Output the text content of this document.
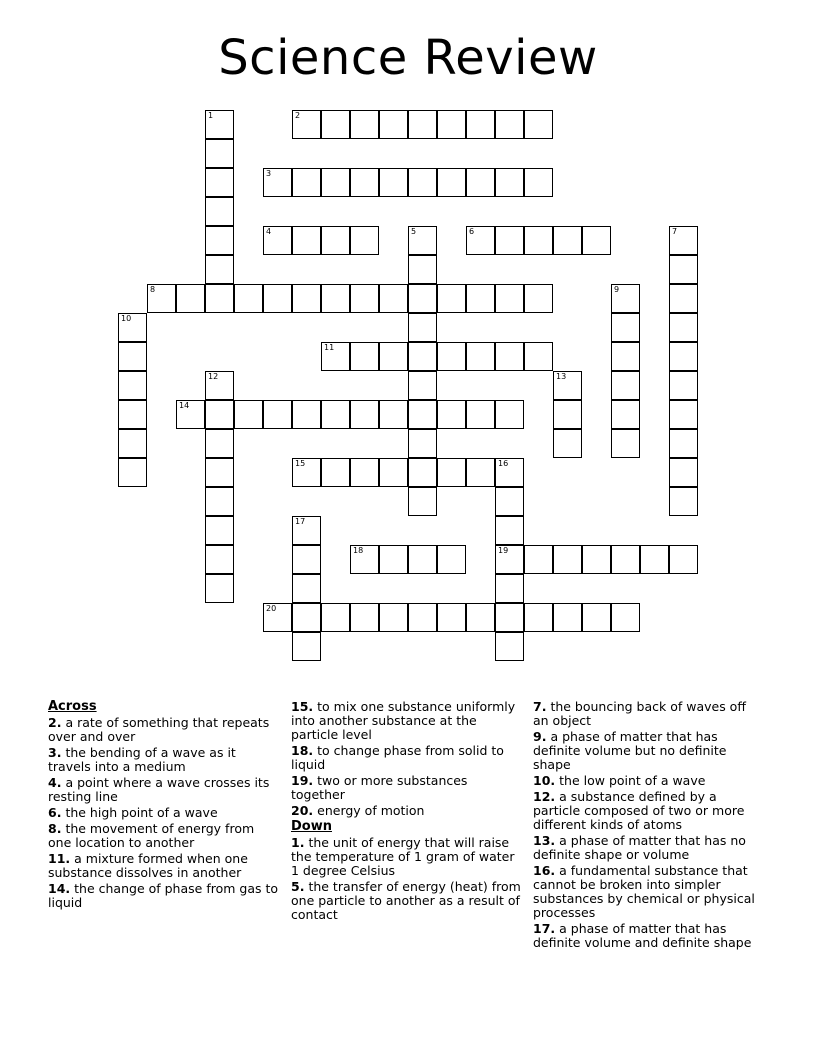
Science Review
1	2
3
4	5	6	7
8	9
10
11
12	13
14
15	16
19
17
18
20
Across
2. a rate of something that repeats over and over
3. the bending of a wave as it travels into a medium
4. a point where a wave crosses its resting line
6. the high point of a wave
8. the movement of energy from one location to another
11. a mixture formed when one substance dissolves in another
14. the change of phase from gas to liquid
15. to mix one substance uniformly into another substance at the particle level
18. to change phase from solid to liquid
19. two or more substances together
20. energy of motion
Down
1. the unit of energy that will raise the temperature of 1 gram of water 1 degree Celsius
5. the transfer of energy (heat) from one particle to another as a result of contact
7. the bouncing back of waves off an object
9. a phase of matter that has definite volume but no definite shape
10. the low point of a wave
12. a substance defined by a particle composed of two or more different kinds of atoms
13. a phase of matter that has no definite shape or volume
16. a fundamental substance that cannot be broken into simpler substances by chemical or physical processes
17. a phase of matter that has definite volume and definite shape
